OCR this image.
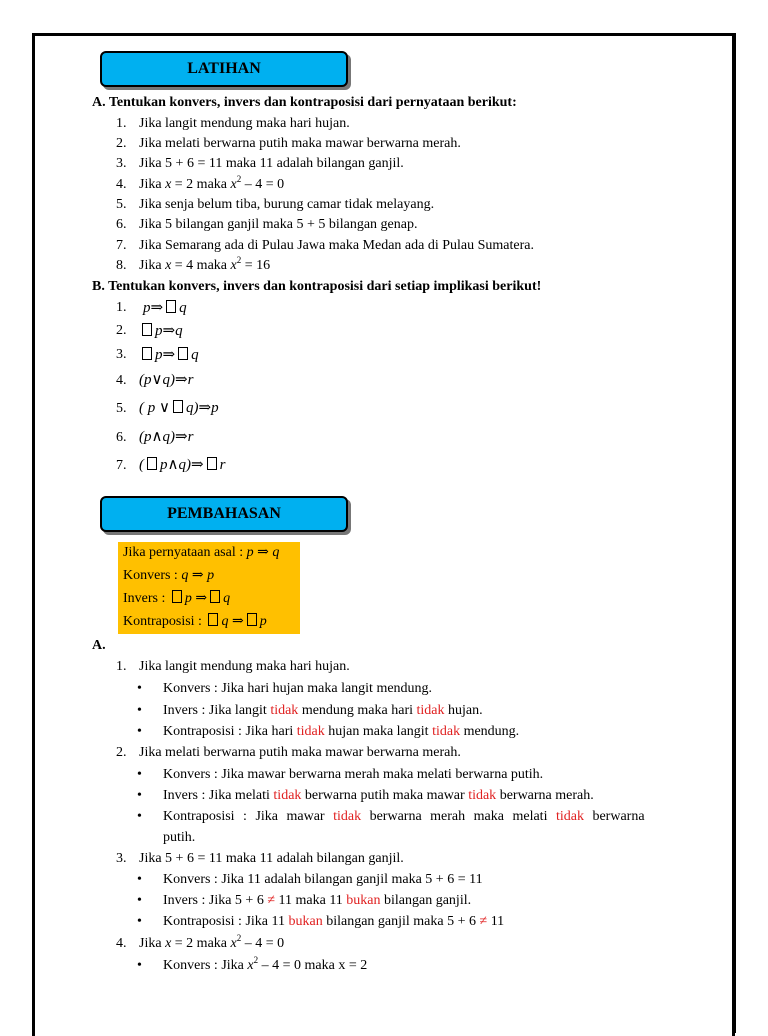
LATIHAN
A. Tentukan konvers, invers dan kontraposisi dari pernyataan berikut:
1. Jika langit mendung maka hari hujan.
2. Jika melati berwarna putih maka mawar berwarna merah.
3. Jika 5 + 6 = 11 maka 11 adalah bilangan ganjil.
4. Jika x = 2 maka $x^2 - 4 = 0$
5. Jika senja belum tiba, burung camar tidak melayang.
6. Jika 5 bilangan ganjil maka 5 + 5 bilangan genap.
7. Jika Semarang ada di Pulau Jawa maka Medan ada di Pulau Sumatera.
8. Jika x = 4 maka $x^2 = 16$
B. Tentukan konvers, invers dan kontraposisi dari setiap implikasi berikut!
1. p⇒ q
2.	p⇒q
3.	p⇒ q
4. (p∨q)⇒r
5. ( p ∨ q)⇒p
6. (p∧q)⇒r
7. ( p∧q)⇒ r
PEMBAHASAN
Jika pernyataan asal : p ⇒ q
Konvers : q ⇒ p
Invers : p ⇒ q
Kontraposisi : q ⇒ p
A.
1. Jika langit mendung maka hari hujan.
• Konvers : Jika hari hujan maka langit mendung.
• Invers : Jika langit tidak mendung maka hari tidak hujan.
• Kontraposisi : Jika hari tidak hujan maka langit tidak mendung.
2. Jika melati berwarna putih maka mawar berwarna merah.
• Konvers : Jika mawar berwarna merah maka melati berwarna putih.
• Invers : Jika melati tidak berwarna putih maka mawar tidak berwarna merah.
• Kontraposisi : Jika mawar tidak berwarna merah maka melati tidak berwarna
putih.
3. Jika 5 + 6 = 11 maka 11 adalah bilangan ganjil.
• Konvers : Jika 11 adalah bilangan ganjil maka 5 + 6 = 11
• Invers : Jika 5 + 6 ≠ 11 maka 11 bukan bilangan ganjil.
• Kontraposisi : Jika 11 bukan bilangan ganjil maka 5 + 6 ≠ 11
4. Jika x = 2 maka $x^2 - 4 = 0$
• Konvers : Jika $x^2 - 4 = 0$ maka x = 2
